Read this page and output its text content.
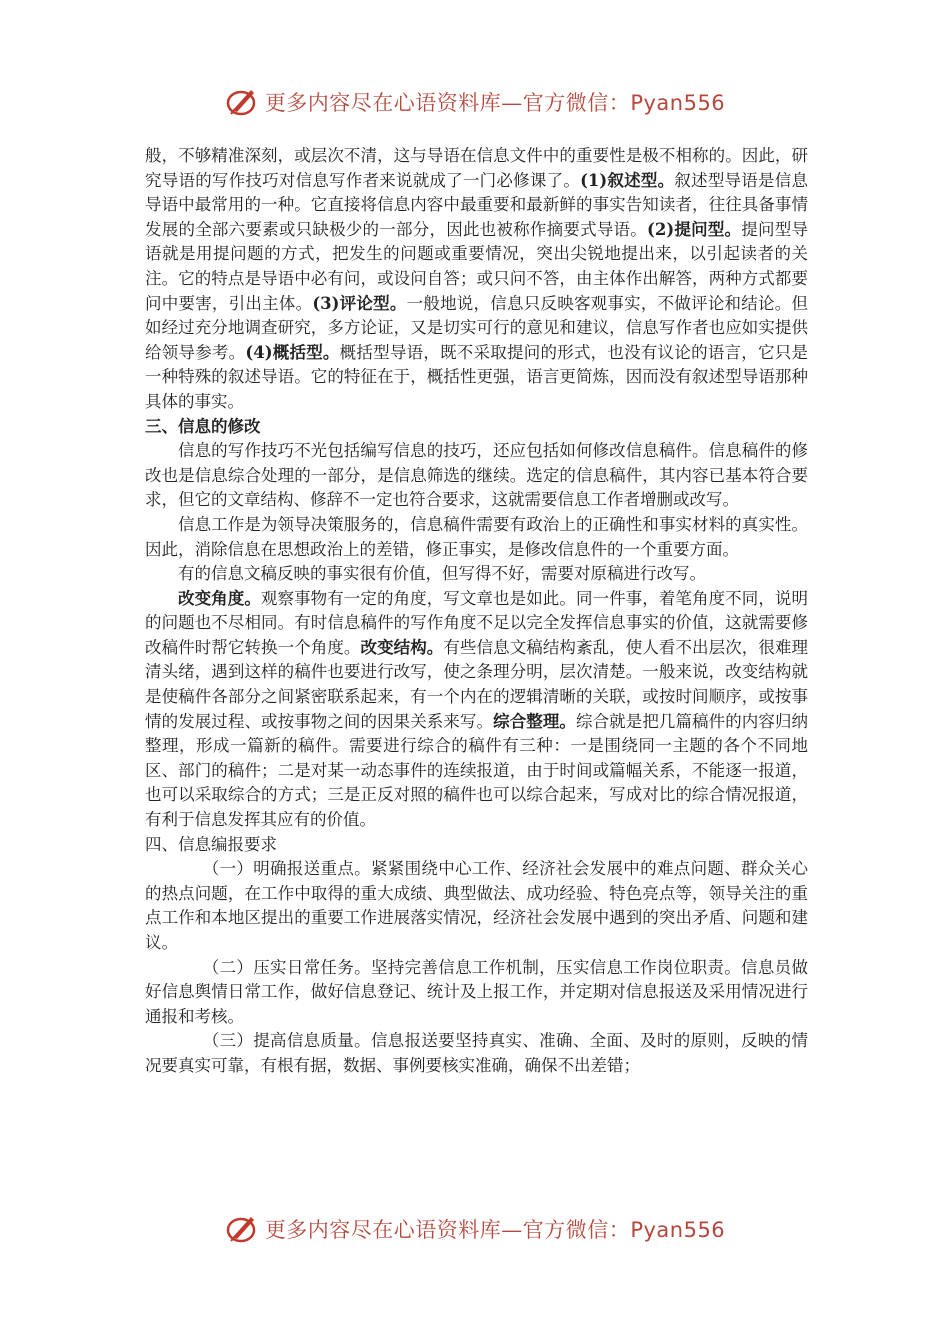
更多内容尽在心语资料库—官方微信：Pyan556

般，不够精准深刻，或层次不清，这与导语在信息文件中的重要性是极不相称的。因此，研究导语的写作技巧对信息写作者来说就成了一门必修课了。(1)叙述型。叙述型导语是信息导语中最常用的一种。它直接将信息内容中最重要和最新鲜的事实告知读者，往往具备事情发展的全部六要素或只缺极少的一部分，因此也被称作摘要式导语。(2)提问型。提问型导语就是用提问题的方式，把发生的问题或重要情况，突出尖锐地提出来，以引起读者的关注。它的特点是导语中必有问，或设问自答；或只问不答，由主体作出解答，两种方式都要问中要害，引出主体。(3)评论型。一般地说，信息只反映客观事实，不做评论和结论。但如经过充分地调查研究，多方论证，又是切实可行的意见和建议，信息写作者也应如实提供给领导参考。(4)概括型。概括型导语，既不采取提问的形式，也没有议论的语言，它只是一种特殊的叙述导语。它的特征在于，概括性更强，语言更简炼，因而没有叙述型导语那种具体的事实。

三、信息的修改

信息的写作技巧不光包括编写信息的技巧，还应包括如何修改信息稿件。信息稿件的修改也是信息综合处理的一部分，是信息筛选的继续。选定的信息稿件，其内容已基本符合要求，但它的文章结构、修辞不一定也符合要求，这就需要信息工作者增删或改写。

信息工作是为领导决策服务的，信息稿件需要有政治上的正确性和事实材料的真实性。因此，消除信息在思想政治上的差错，修正事实，是修改信息件的一个重要方面。

有的信息文稿反映的事实很有价值，但写得不好，需要对原稿进行改写。

改变角度。观察事物有一定的角度，写文章也是如此。同一件事，着笔角度不同，说明的问题也不尽相同。有时信息稿件的写作角度不足以完全发挥信息事实的价值，这就需要修改稿件时帮它转换一个角度。改变结构。有些信息文稿结构紊乱，使人看不出层次，很难理清头绪，遇到这样的稿件也要进行改写，使之条理分明，层次清楚。一般来说，改变结构就是使稿件各部分之间紧密联系起来，有一个内在的逻辑清晰的关联，或按时间顺序，或按事情的发展过程、或按事物之间的因果关系来写。综合整理。综合就是把几篇稿件的内容归纳整理，形成一篇新的稿件。需要进行综合的稿件有三种：一是围绕同一主题的各个不同地区、部门的稿件；二是对某一动态事件的连续报道，由于时间或篇幅关系，不能逐一报道，也可以采取综合的方式；三是正反对照的稿件也可以综合起来，写成对比的综合情况报道，有利于信息发挥其应有的价值。

四、信息编报要求

（一）明确报送重点。紧紧围绕中心工作、经济社会发展中的难点问题、群众关心的热点问题，在工作中取得的重大成绩、典型做法、成功经验、特色亮点等，领导关注的重点工作和本地区提出的重要工作进展落实情况，经济社会发展中遇到的突出矛盾、问题和建议。

（二）压实日常任务。坚持完善信息工作机制，压实信息工作岗位职责。信息员做好信息舆情日常工作，做好信息登记、统计及上报工作，并定期对信息报送及采用情况进行通报和考核。

（三）提高信息质量。信息报送要坚持真实、准确、全面、及时的原则，反映的情况要真实可靠，有根有据，数据、事例要核实准确，确保不出差错；

更多内容尽在心语资料库—官方微信：Pyan556
